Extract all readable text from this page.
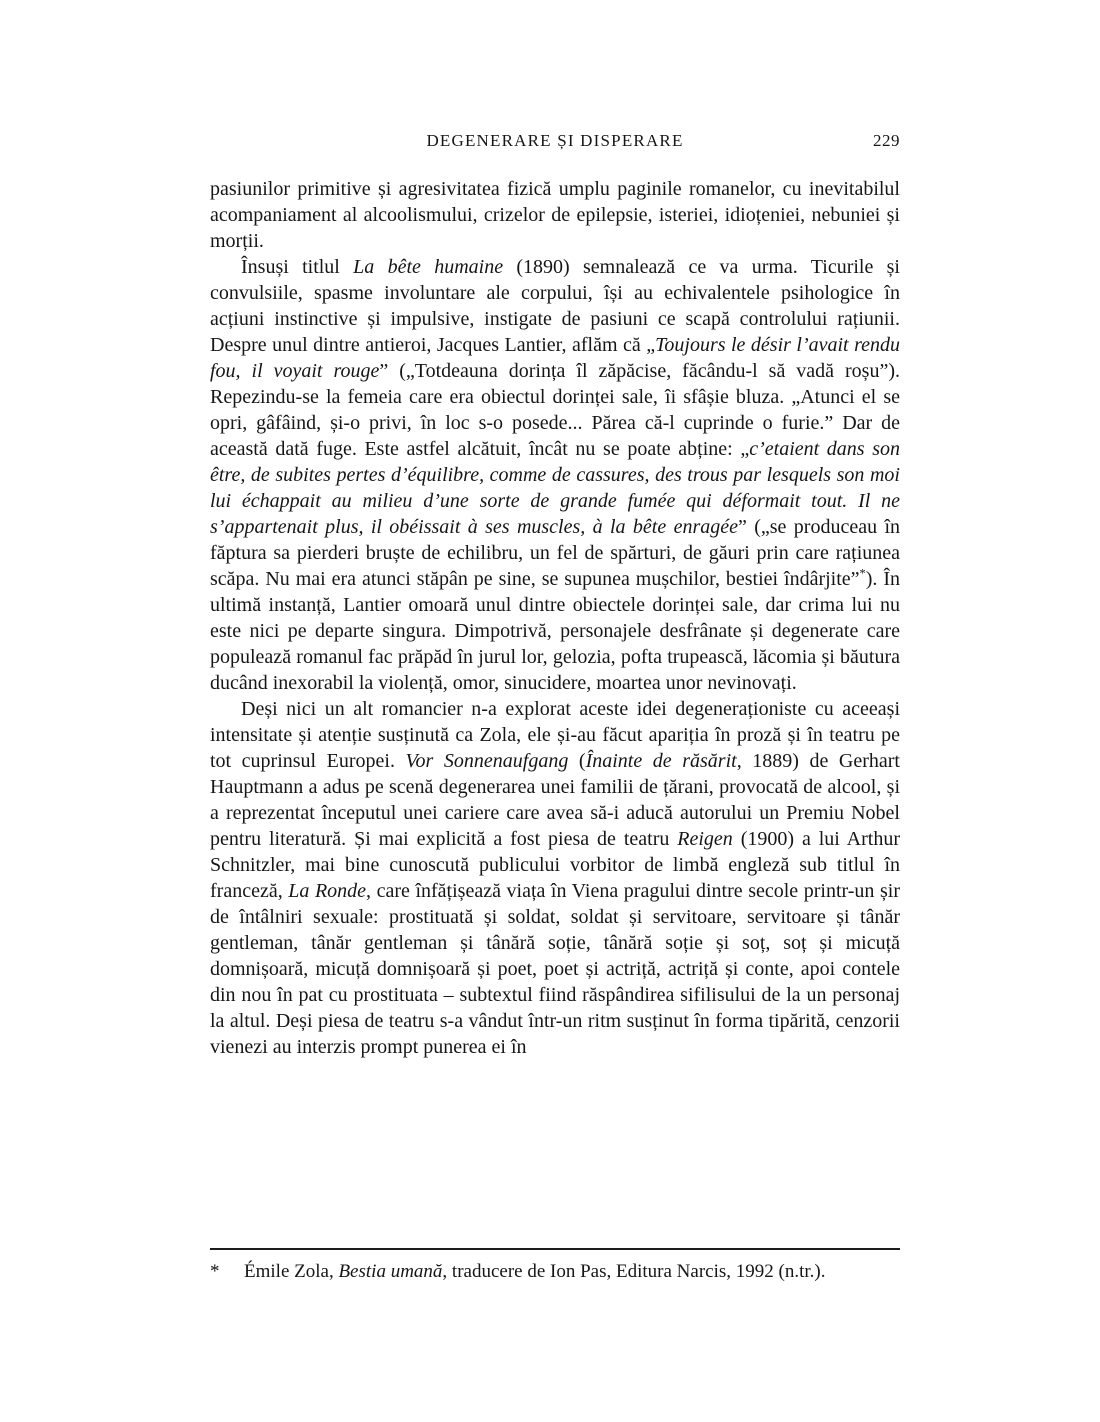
DEGENERARE ȘI DISPERARE	229

pasiunilor primitive și agresivitatea fizică umplu paginile romanelor, cu inevitabilul acompaniament al alcoolismului, crizelor de epilepsie, isteriei, idioțeniei, nebuniei și morții.

Însuși titlul La bête humaine (1890) semnalează ce va urma. Ticurile și convulsiile, spasme involuntare ale corpului, își au echivalentele psihologice în acțiuni instinctive și impulsive, instigate de pasiuni ce scapă controlului rațiunii. Despre unul dintre antieroi, Jacques Lantier, aflăm că „Toujours le désir l’avait rendu fou, il voyait rouge” („Totdeauna dorința îl zăpăcise, făcându-l să vadă roșu”). Repezindu-se la femeia care era obiectul dorinței sale, îi sfâșie bluza. „Atunci el se opri, gâfâind, și-o privi, în loc s-o posede... Părea că-l cuprinde o furie.” Dar de această dată fuge. Este astfel alcătuit, încât nu se poate abține: „c’etaient dans son être, de subites pertes d’équilibre, comme de cassures, des trous par lesquels son moi lui échappait au milieu d’une sorte de grande fumée qui déformait tout. Il ne s’appartenait plus, il obéissait à ses muscles, à la bête enragée” („se produceau în făptura sa pierderi bruște de echilibru, un fel de spărturi, de găuri prin care rațiunea scăpa. Nu mai era atunci stăpân pe sine, se supunea mușchilor, bestiei îndârjite”*). În ultimă instanță, Lantier omoară unul dintre obiectele dorinței sale, dar crima lui nu este nici pe departe singura. Dimpotrivă, personajele desfrânate și degenerate care populează romanul fac prăpăd în jurul lor, gelozia, pofta trupească, lăcomia și băutura ducând inexorabil la violență, omor, sinucidere, moartea unor nevinovați.

Deși nici un alt romancier n-a explorat aceste idei degeneraționiste cu aceeași intensitate și atenție susținută ca Zola, ele și-au făcut apariția în proză și în teatru pe tot cuprinsul Europei. Vor Sonnenaufgang (Înainte de răsărit, 1889) de Gerhart Hauptmann a adus pe scenă degenerarea unei familii de țărani, provocată de alcool, și a reprezentat începutul unei cariere care avea să-i aducă autorului un Premiu Nobel pentru literatură. Și mai explicită a fost piesa de teatru Reigen (1900) a lui Arthur Schnitzler, mai bine cunoscută publicului vorbitor de limbă engleză sub titlul în franceză, La Ronde, care înfățișează viața în Viena pragului dintre secole printr-un șir de întâlniri sexuale: prostituată și soldat, soldat și servitoare, servitoare și tânăr gentleman, tânăr gentleman și tânără soție, tânără soție și soț, soț și micuță domnișoară, micuță domnișoară și poet, poet și actriță, actriță și conte, apoi contele din nou în pat cu prostituata – subtextul fiind răspândirea sifilisului de la un personaj la altul. Deși piesa de teatru s-a vândut într-un ritm susținut în forma tipărită, cenzorii vienezi au interzis prompt punerea ei în

*	Émile Zola, Bestia umană, traducere de Ion Pas, Editura Narcis, 1992 (n.tr.).
